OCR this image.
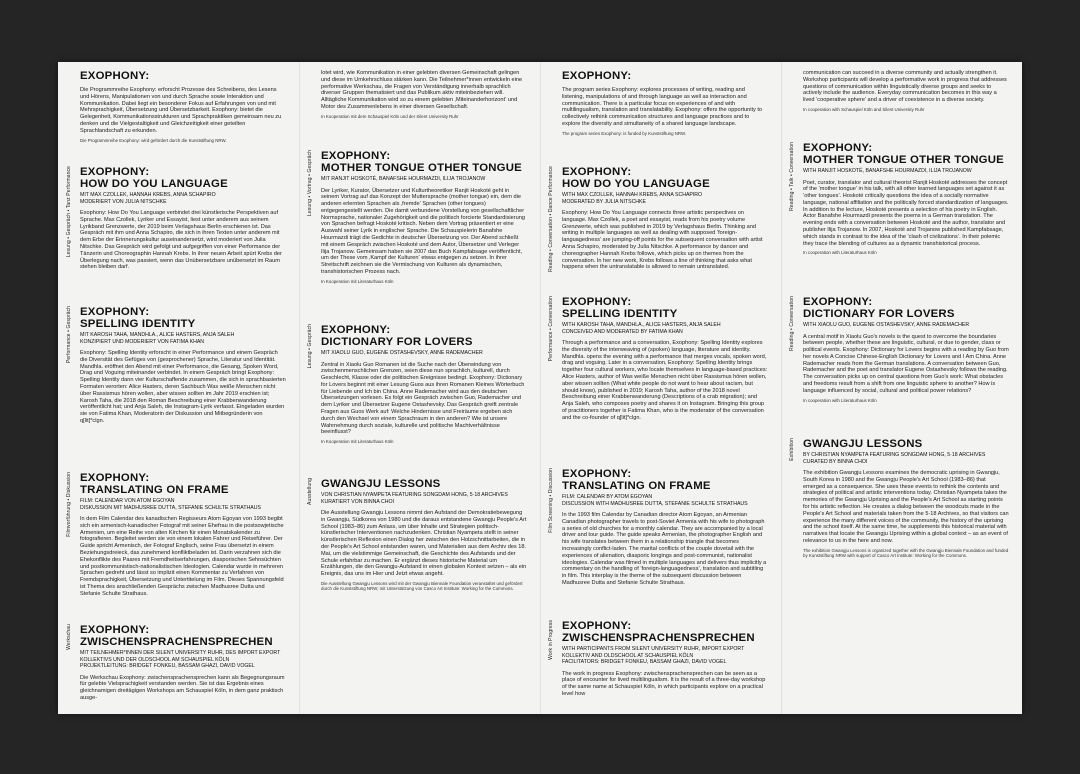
EXOPHONY:
Die Programmreihe Exophony: erforscht Prozesse des Schreibens, des Lesens und Hörens, Manipulationen von und durch Sprache sowie Interaktion und Kommunikation. Dabei liegt ein besonderer Fokus auf Erfahrungen von und mit Mehrsprachigkeit, Übersetzung und Übersetzbarkeit. Exophony: bietet die Gelegenheit, Kommunikationsstrukturen und Sprachpraktiken gemeinsam neu zu denken und die Vielgestaltigkeit und Gleichzeitigkeit einer geteilten Sprachlandschaft zu erkunden.
Die Programmreihe Exophony: wird gefördert durch die Kunststiftung NRW.
Lesung • Gespräch • Tanz Performance EXOPHONY:
HOW DO YOU LANGUAGE
MIT MAX CZOLLEK, HANNAH KREBS, ANNA SCHAPIRO
MODERIERT VON JULIA NITSCHKE
Exophony: How Do You Language verbindet drei künstlerische Perspektiven auf Sprache. Max Czollek, Lyriker und Essayist, liest unter anderem aus seinem Lyrikband Grenzwerte, der 2019 beim Verlagshaus Berlin erschienen ist. Das Gespräch mit ihm und Anna Schapiro, die sich in ihren Texten unter anderem mit dem Erbe der Erinnerungskultur auseinandersetzt, wird moderiert von Julia Nitschke. Das Gespräch wird gefolgt und aufgegriffen von einer Performance der Tänzerin und Choreographin Hannah Krebs. In ihrer neuen Arbeit spürt Krebs der Überlegung nach, was passiert, wenn das Unübersetzbare unübersetzt im Raum stehen bleiben darf.
Performance • Gespräch EXOPHONY:
SPELLING IDENTITY
MIT KAROSH TAHA, MANDHLA., ALICE HASTERS, ANJA SALEH
KONZIPIERT UND MODERIERT VON FATIMA KHAN
Exophony: Spelling Identity erforscht in einer Performance und einem Gespräch die Diversität des Gefüges von (gesprochener) Sprache, Literatur und Identität. Mandhla. eröffnet den Abend mit einer Performance, die Gesang, Spoken Word, Drag und Voguing miteinander verbindet. In einem Gespräch bringt Exophony: Spelling Identity dann vier Kulturschaffende zusammen, die sich in sprachbasierten Formaten verorten: Alice Hasters, deren Sachbuch Was weiße Menschen nicht über Rassismus hören wollen, aber wissen sollten im Jahr 2019 erschien ist; Karosh Taha, die 2018 den Roman Beschreibung einer Krabbenwanderung veröffentlicht hat; und Anja Saleh, die Instagram-Lyrik verfasst. Eingeladen wurden sie von Fatima Khan, Moderatorin der Diskussion und Mitbegründerin von q[lit]*clgn.
Filmvorführung • Diskussion EXOPHONY:
TRANSLATING ON FRAME
FILM: CALENDAR VON ATOM EGOYAN
DISKUSSION MIT MADHUSREE DUTTA, STEFANIE SCHULTE STRATHAUS
In dem Film Calendar des kanadischen Regisseurs Atom Egoyan von 1993 begibt sich ein armenisch-kanadischer Fotograf mit seiner Ehefrau in die postsowjetische Armenien, um eine Reihe von alten Kirchen für einen Monatskalender zu fotografieren. Begleitet werden sie von einem lokalen Fahrer und Reiseführer. Der Guide spricht Armenisch, der Fotograf Englisch, seine Frau übersetzt in einem Beziehungsdreieck, das zunehmend konfliktbeladen ist. Darin verzahnen sich die Ehekonflikte des Paares mit Fremdheitserfahrungen, diasporischen Sehnsüchten und postkommunistisch-nationalistischen Ideologien. Calendar wurde in mehreren Sprachen gedreht und lässt so implizit einen Kommentar zu Verfahren von Fremdsprachigkeit, Übersetzung und Untertitelung im Film. Dieses Spannungsfeld ist Thema des anschließenden Gesprächs zwischen Madhusree Dutta und Stefanie Schulte Strathaus.
Werkschau EXOPHONY:
ZWISCHENSPRACHENSPRECHEN
MIT TEILNEHMER*INNEN DER SILENT UNIVERSITY RUHR, DES IMPORT EXPORT KOLLEKTIVS UND DER OLDSCHOOL AM SCHAUSPIEL KÖLN
PROJEKTLEITUNG: BRIDGET FONKEU, BASSAM GHAZI, DAVID VOGEL
Die Werkschau Exophony: zwischensprachensprechen kann als Begegnungsraum für gelebte Vielsprachigkeit verstanden werden. Sie ist das Ergebnis eines gleichnamigen dreitägigen Workshops am Schauspiel Köln, in dem ganz praktisch ausge-
lotet wird, wie Kommunikation in einer gelebten diversen Gemeinschaft gelingen und diese im Umkehrschluss stärken kann. Die Teilnehmer*innen entwickeln eine performative Werkschau, die Fragen von Verständigung innerhalb sprachlich diverser Gruppen thematisiert und das Publikum aktiv miteinbeziehen will. Alltägliche Kommunikation wird so zu einem gelebten ‚Miteinanderhorizont‘ und Motor des Zusammenlebens in einer diversen Gesellschaft.
In Kooperation mit dem Schauspiel Köln und der Silent University Ruhr
Lesung • Vortrag • Gespräch EXOPHONY:
MOTHER TONGUE OTHER TONGUE
MIT RANJIT HOSKOTÉ, BANAFSHE HOURMAZDI, ILIJA TROJANOW
Der Lyriker, Kurator, Übersetzer und Kulturtheoretiker Ranjit Hoskoté geht in seinem Vortrag auf das Konzept der Muttersprache (mother tongue) ein, dem die anderen erlernten Sprachen als ‚fremde‘ Sprachen (other tongues) entgegengestellt werden. Die damit verbundene Vorstellung von gesellschaftlicher Normsprache, nationaler Zugehörigkeit und die politisch forcierte Standardisierung von Sprachen befragt Hoskoté kritisch. Neben dem Vortrag präsentiert er eine Auswahl seiner Lyrik in englischer Sprache. Die Schauspielerin Banafshe Hourmazdi trägt die Gedichte in deutscher Übersetzung vor. Der Abend schließt mit einem Gespräch zwischen Hoskoté und dem Autor, Übersetzer und Verleger Ilija Trojanow. Gemeinsam haben sie 2007 das Buch Kampfabsage veröffentlicht, um der These vom ‚Kampf der Kulturen‘ etwas entgegen zu setzen. In ihrer Streitschrift zeichnen sie die Vermischung von Kulturen als dynamischen, transhistorischen Prozess nach.
In Kooperation mit Literaturhaus Köln
Lesung • Gespräch EXOPHONY:
DICTIONARY FOR LOVERS
MIT XIAOLU GUO, EUGENE OSTASHEVSKY, ANNE RADEMACHER
Zentral in Xiaolu Guo Romanen ist die Suche nach der Überwindung von zwischenmenschlichen Grenzen, seien diese nun sprachlich, kulturell, durch Geschlecht, Klasse oder die politischen Ereignisse bedingt. Exophony: Dictionary for Lovers beginnt mit einer Lesung Guos aus ihren Romanen Kleines Wörterbuch für Liebende und Ich bin China. Anne Rademacher wird aus den deutschen Übersetzungen vorlesen. Es folgt ein Gespräch zwischen Guo, Rademacher und dem Lyriker und Übersetzer Eugene Ostashevsky. Das Gespräch greift zentrale Fragen aus Guos Werk auf: Welche Hindernisse und Freiräume ergeben sich durch den Wechsel von einem Sprachraum in den anderen? Wie ist unsere Wahrnehmung durch soziale, kulturelle und politische Machtverhältnisse beeinflusst?
In Kooperation mit Literaturhaus Köln
Ausstellung GWANGJU LESSONS
VON CHRISTIAN NYAMPETA FEATURING SONGDAM HONG, 5·18 ARCHIVES
KURATIERT VON BINNA CHOI
Die Ausstellung Gwangju Lessons nimmt den Aufstand der Demokratiebewegung in Gwangju, Südkorea von 1980 und die daraus entstandene Gwangju People's Art School (1983–86) zum Anlass, um über Inhalte und Strategien politisch-künstlerischer Interventionen nachzudenken. Christian Nyampeta stellt in seiner künstlerischen Reflexion einen Dialog her zwischen den Holzschnittarbeiten, die in der People's Art School entstanden waren, und Materialien aus dem Archiv des 18. Mai, um die vielstimmige Gemeinschaft, die Geschichte des Aufstands und der Schule erfahrbar zu machen. Er ergänzt dieses historische Material um Erzählungen, die den Gwangju-Aufstand in einen globalen Kontext setzen – als ein Ereignis, das uns im Hier und Jetzt etwas angeht.
Die Ausstellung Gwangju Lessons wird mit der Gwangju Biennale Foundation veranstaltet und gefördert durch die Kunststiftung NRW; mit Unterstützung von Casco Art Institute: Working for the Commons.
EXOPHONY:
The program series Exophony: explores processes of writing, reading and listening, manipulations of and through language as well as interaction and communication. There is a particular focus on experiences of and with multilingualism, translation and translatability. Exophony: offers the opportunity to collectively rethink communication structures and language practices and to explore the diversity and simultaneity of a shared language landscape.
The program series Exophony: is funded by Kunststiftung NRW.
Reading • Conversation • Dance Performance EXOPHONY:
HOW DO YOU LANGUAGE
WITH MAX CZOLLEK, HANNAH KREBS, ANNA SCHAPIRO
MODERATED BY JULIA NITSCHKE
Exophony: How Do You Language connects three artistic perspectives on language. Max Czollek, a poet and essayist, reads from his poetry volume Grenzwerte, which was published in 2019 by Verlagshaus Berlin. Thinking and writing in multiple languages as well as dealing with supposed ‘foreign-languagedness’ are jumping-off points for the subsequent conversation with artist Anna Schapiro, moderated by Julia Nitschke. A performance by dancer and choreographer Hannah Krebs follows, which picks up on themes from the conversation. In her new work, Krebs follows a line of thinking that asks what happens when the untranslatable is allowed to remain untranslated.
Performance • Conversation EXOPHONY:
SPELLING IDENTITY
WITH KAROSH TAHA, MANDHLA., ALICE HASTERS, ANJA SALEH
CONCEIVED AND MODERATED BY FATIMA KHAN
Through a performance and a conversation, Exophony: Spelling Identity explores the diversity of the interweaving of (spoken) language, literature and identity. Mandhla. opens the evening with a performance that merges vocals, spoken word, drag and voguing. Later in a conversation, Exophony: Spelling Identity brings together four cultural workers, who locate themselves in language-based practices: Alice Hasters, author of Was weiße Menschen nicht über Rassismus hören wollen, aber wissen sollten (What white people do not want to hear about racism, but should know), published in 2019; Karosh Taha, author of the 2018 novel Beschreibung einer Krabbenwanderung (Descriptions of a crab migration); and Anja Saleh, who composes poetry and shares it on Instagram. Bringing this group of practitioners together is Fatima Khan, who is the moderator of the conversation and the co-founder of q[lit]*clgn.
Film Screening • Discussion EXOPHONY:
TRANSLATING ON FRAME
FILM: CALENDAR BY ATOM EGOYAN
DISCUSSION WITH MADHUSREE DUTTA, STEFANIE SCHULTE STRATHAUS
In the 1993 film Calendar by Canadian director Atom Egoyan, an Armenian Canadian photographer travels to post-Soviet Armenia with his wife to photograph a series of old churches for a monthly calendar. They are accompanied by a local driver and tour guide. The guide speaks Armenian, the photographer English and his wife translates between them in a relationship triangle that becomes increasingly conflict-laden. The marital conflicts of the couple dovetail with the experiences of alienation, diasporic longings and post-communist, nationalist ideologies. Calendar was filmed in multiple languages and delivers thus implicitly a commentary on the handling of ‘foreign-languagedness’, translation and subtitling in film. This interplay is the theme of the subsequent discussion between Madhusree Dutta and Stefanie Schulte Strathaus.
Work in Progress EXOPHONY:
ZWISCHENSPRACHENSPRECHEN
WITH PARTICIPANTS FROM SILENT UNIVERSITY RUHR, IMPORT EXPORT KOLLEKTIV AND OLDSCHOOL AT SCHAUSPIEL KÖLN
FACILITATORS: BRIDGET FONKEU, BASSAM GHAZI, DAVID VOGEL
The work in progress Exophony: zwischensprachensprechen can be seen as a place of encounter for lived multilingualism. It is the result of a three-day workshop of the same name at Schauspiel Köln, in which participants explore on a practical level how
communication can succeed in a diverse community and actually strengthen it. Workshop participants will develop a performative work in progress that addresses questions of communication within linguistically diverse groups and seeks to actively include the audience. Everyday communication becomes in this way a lived ‘cooperative sphere’ and a driver of coexistence in a diverse society.
In cooperation with Schauspiel Köln and Silent University Ruhr
Reading • Talk • Conversation EXOPHONY:
MOTHER TONGUE OTHER TONGUE
WITH RANJIT HOSKOTÉ, BANAFSHE HOURMAZDI, ILIJA TROJANOW
Poet, curator, translator and cultural theorist Ranjit Hoskoté addresses the concept of the ‘mother tongue’ in his talk, with all other learned languages set against it as ‘other tongues’. Hoskoté critically questions the idea of a socially normative language, national affiliation and the politically forced standardization of languages. In addition to the lecture, Hoskoté presents a selection of his poetry in English. Actor Banafshe Hourmazdi presents the poems in a German translation. The evening ends with a conversation between Hoskoté and the author, translator and publisher Ilija Trojanow. In 2007, Hoskoté and Trojanow published Kampfabsage, which stands in contrast to the idea of the ‘clash of civilizations’. In their polemic they trace the blending of cultures as a dynamic transhistorical process.
In cooperation with Literaturhaus Köln
Reading • Conversation EXOPHONY:
DICTIONARY FOR LOVERS
WITH XIAOLU GUO, EUGENE OSTASHEVSKY, ANNE RADEMACHER
A central motif in Xiaolu Guo's novels is the quest to overcome the boundaries between people, whether these are linguistic, cultural, or due to gender, class or political events. Exophony: Dictionary for Lovers begins with a reading by Guo from her novels A Concise Chinese-English Dictionary for Lovers and I Am China. Anne Rademacher reads from the German translations. A conversation between Guo, Rademacher and the poet and translator Eugene Ostashevsky follows the reading. The conversation picks up on central questions from Guo's work: What obstacles and freedoms result from a shift from one linguistic sphere to another? How is language influenced by social, cultural and political power relations?
In cooperation with Literaturhaus Köln
Exhibition GWANGJU LESSONS
BY CHRISTIAN NYAMPETA FEATURING SONGDAM HONG, 5·18 ARCHIVES
CURATED BY BINNA CHOI
The exhibition Gwangju Lessons examines the democratic uprising in Gwangju, South Korea in 1980 and the Gwangju People's Art School (1983–86) that emerged as a consequence. She uses these events to rethink the contents and strategies of political and artistic interventions today. Christian Nyampeta takes the memories of the Gwangju Uprising and the People's Art School as starting points for his artistic reflection. He creates a dialog between the woodcuts made in the People's Art School and materials taken from the 5·18 Archives, so that visitors can experience the many different voices of the community, the history of the uprising and the school itself. At the same time, he supplements this historical material with narratives that locate the Gwangju Uprising within a global context – as an event of relevance to us in the here and now.
The exhibition Gwangju Lessons is organized together with the Gwangju Biennale Foundation and funded by Kunststiftung NRW with support of Casco Art Institute: Working for the Commons.
